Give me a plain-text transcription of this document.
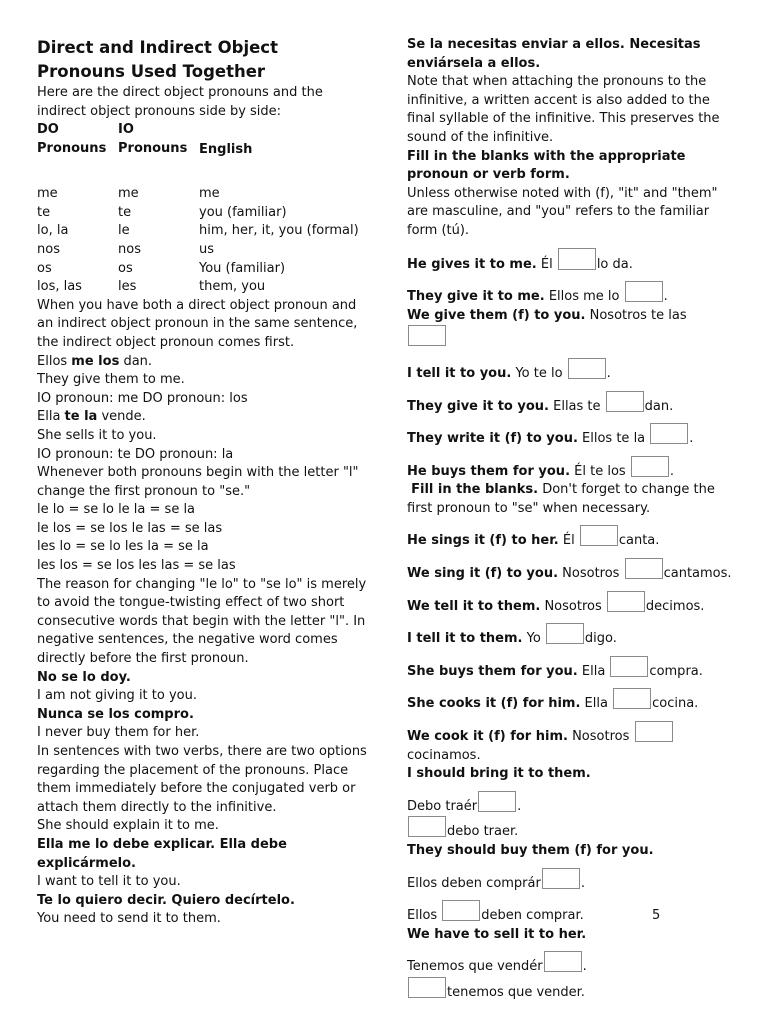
Direct and Indirect Object Pronouns Used Together

Here are the direct object pronouns and the indirect object pronouns side by side:

DO Pronouns	IO Pronouns	English
me	me	me
te	te	you (familiar)
lo, la	le	him, her, it, you (formal)
nos	nos	us
os	os	You (familiar)
los, las	les	them, you

When you have both a direct object pronoun and an indirect object pronoun in the same sentence, the indirect object pronoun comes first.

Ellos me los dan.

They give them to me.

IO pronoun: me DO pronoun: los

Ella te la vende.

She sells it to you.

IO pronoun: te DO pronoun: la

Whenever both pronouns begin with the letter "l" change the first pronoun to "se."

le lo = se lo le la = se la

le los = se los le las = se las

les lo = se lo les la = se la

les los = se los les las = se las

The reason for changing "le lo" to "se lo" is merely to avoid the tongue-twisting effect of two short consecutive words that begin with the letter "l". In negative sentences, the negative word comes directly before the first pronoun.

No se lo doy.

I am not giving it to you.

Nunca se los compro.

I never buy them for her.

In sentences with two verbs, there are two options regarding the placement of the pronouns. Place them immediately before the conjugated verb or attach them directly to the infinitive.

She should explain it to me.

Ella me lo debe explicar. Ella debe explicármelo.

I want to tell it to you.

Te lo quiero decir. Quiero decírtelo.

You need to send it to them.

Se la necesitas enviar a ellos. Necesitas enviársela a ellos.

Note that when attaching the pronouns to the infinitive, a written accent is also added to the final syllable of the infinitive. This preserves the sound of the infinitive.

Fill in the blanks with the appropriate pronoun or verb form.

Unless otherwise noted with (f), "it" and "them" are masculine, and "you" refers to the familiar form (tú).

He gives it to me. Él	lo da.

They give it to me. Ellos me lo	.

We give them (f) to you. Nosotros te las

I tell it to you. Yo te lo	.

They give it to you. Ellas te	dan.

They write it (f) to you. Ellos te la	.

He buys them for you. Él te los	.

Fill in the blanks. Don't forget to change the first pronoun to "se" when necessary.

He sings it (f) to her. Él	canta.

We sing it (f) to you. Nosotros	cantamos.

We tell it to them. Nosotros	decimos.

I tell it to them. Yo	digo.

She buys them for you. Ella	compra.

She cooks it (f) for him. Ella	cocina.

We cook it (f) for him. Nosotros
cocinamos.

I should bring it to them.

Debo traér	.

debo traer.

They should buy them (f) for you.

Ellos deben comprár	.

Ellos	deben comprar.

We have to sell it to her.

Tenemos que vendér	.

tenemos que vender.

5
